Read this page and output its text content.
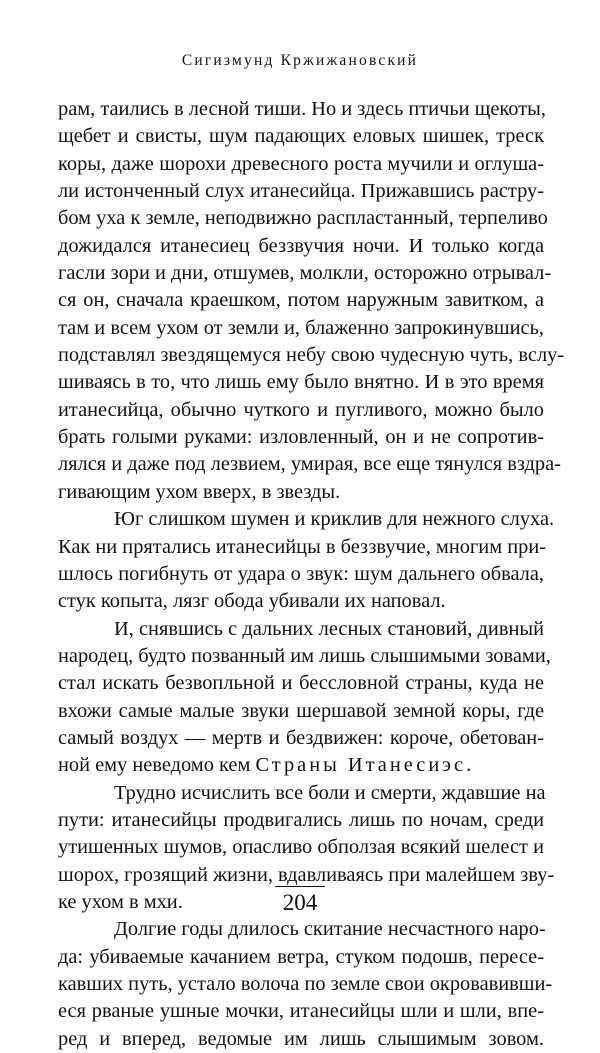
Сигизмунд Кржижановский
рам, таились в лесной тиши. Но и здесь птичьи щекоты,
щебет и свисты, шум падающих еловых шишек, треск
коры, даже шорохи древесного роста мучили и оглуша-
ли истонченный слух итанесийца. Прижавшись растру-
бом уха к земле, неподвижно распластанный, терпеливо
дожидался итанесиец беззвучия ночи. И только когда
гасли зори и дни, отшумев, молкли, осторожно отрывал-
ся он, сначала краешком, потом наружным завитком, а
там и всем ухом от земли и, блаженно запрокинувшись,
подставлял звездящемуся небу свою чудесную чуть, вслу-
шиваясь в то, что лишь ему было внятно. И в это время
итанесийца, обычно чуткого и пугливого, можно было
брать голыми руками: изловленный, он и не сопротив-
лялся и даже под лезвием, умирая, все еще тянулся вздра-
гивающим ухом вверх, в звезды.
Юг слишком шумен и криклив для нежного слуха.
Как ни прятались итанесийцы в беззвучие, многим при-
шлось погибнуть от удара о звук: шум дальнего обвала,
стук копыта, лязг обода убивали их наповал.
И, снявшись с дальних лесных становий, дивный
народец, будто позванный им лишь слышимыми зовами,
стал искать безвопльной и бессловной страны, куда не
вхожи самые малые звуки шершавой земной коры, где
самый воздух — мертв и бездвижен: короче, обетован-
ной ему неведомо кем Страны Итанесиэс.
Трудно исчислить все боли и смерти, ждавшие на
пути: итанесийцы продвигались лишь по ночам, среди
утишенных шумов, опасливо обползая всякий шелест и
шорох, грозящий жизни, вдавливаясь при малейшем зву-
ке ухом в мхи.
Долгие годы длилось скитание несчастного наро-
да: убиваемые качанием ветра, стуком подошв, пересе-
кавших путь, устало волоча по земле свои окровавивши-
еся рваные ушные мочки, итанесийцы шли и шли, впе-
ред и вперед, ведомые им лишь слышимым зовом.
204
